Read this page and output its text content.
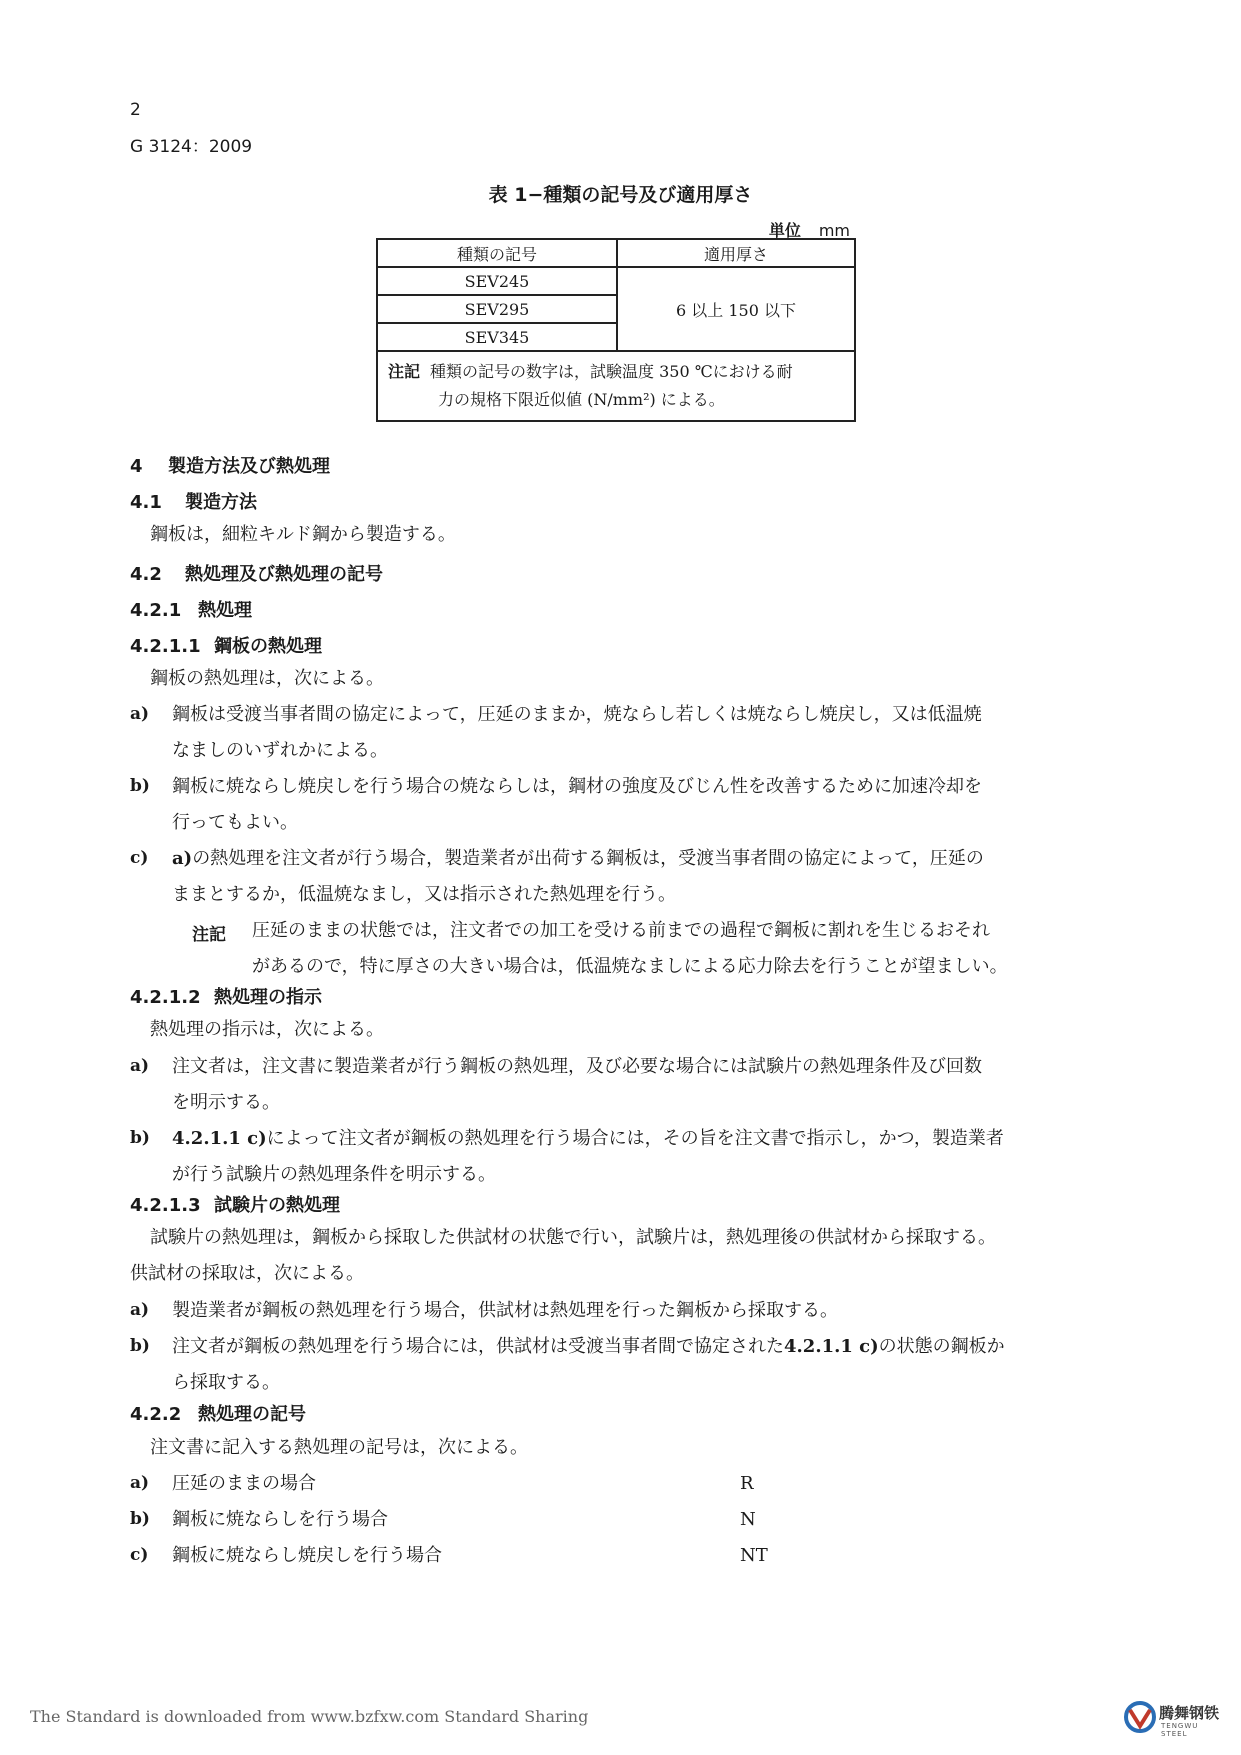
2
G 3124：2009
表 1−種類の記号及び適用厚さ
単位 mm
種類の記号	適用厚さ
SEV245	6 以上 150 以下
SEV295	
SEV345	
注記 種類の記号の数字は，試験温度 350 ℃における耐
力の規格下限近似値 (N/mm²) による。	
4 製造方法及び熱処理
4.1 製造方法
鋼板は，細粒キルド鋼から製造する。
4.2 熱処理及び熱処理の記号
4.2.1 熱処理
4.2.1.1 鋼板の熱処理
鋼板の熱処理は，次による。
a) 鋼板は受渡当事者間の協定によって，圧延のままか，焼ならし若しくは焼ならし焼戻し，又は低温焼
なましのいずれかによる。
b) 鋼板に焼ならし焼戻しを行う場合の焼ならしは，鋼材の強度及びじん性を改善するために加速冷却を
行ってもよい。
c) a)の熱処理を注文者が行う場合，製造業者が出荷する鋼板は，受渡当事者間の協定によって，圧延の
ままとするか，低温焼なまし，又は指示された熱処理を行う。
注記 圧延のままの状態では，注文者での加工を受ける前までの過程で鋼板に割れを生じるおそれ
があるので，特に厚さの大きい場合は，低温焼なましによる応力除去を行うことが望ましい。
4.2.1.2 熱処理の指示
熱処理の指示は，次による。
a) 注文者は，注文書に製造業者が行う鋼板の熱処理，及び必要な場合には試験片の熱処理条件及び回数
を明示する。
b) 4.2.1.1 c)によって注文者が鋼板の熱処理を行う場合には，その旨を注文書で指示し，かつ，製造業者
が行う試験片の熱処理条件を明示する。
4.2.1.3 試験片の熱処理
試験片の熱処理は，鋼板から採取した供試材の状態で行い，試験片は，熱処理後の供試材から採取する。
供試材の採取は，次による。
a) 製造業者が鋼板の熱処理を行う場合，供試材は熱処理を行った鋼板から採取する。
b) 注文者が鋼板の熱処理を行う場合には，供試材は受渡当事者間で協定された4.2.1.1 c)の状態の鋼板か
ら採取する。
4.2.2 熱処理の記号
注文書に記入する熱処理の記号は，次による。
a) 圧延のままの場合	R
b) 鋼板に焼ならしを行う場合	N
c) 鋼板に焼ならし焼戻しを行う場合	NT
The Standard is downloaded from www.bzfxw.com Standard Sharing	腾舞钢铁
TENGWU STEEL
